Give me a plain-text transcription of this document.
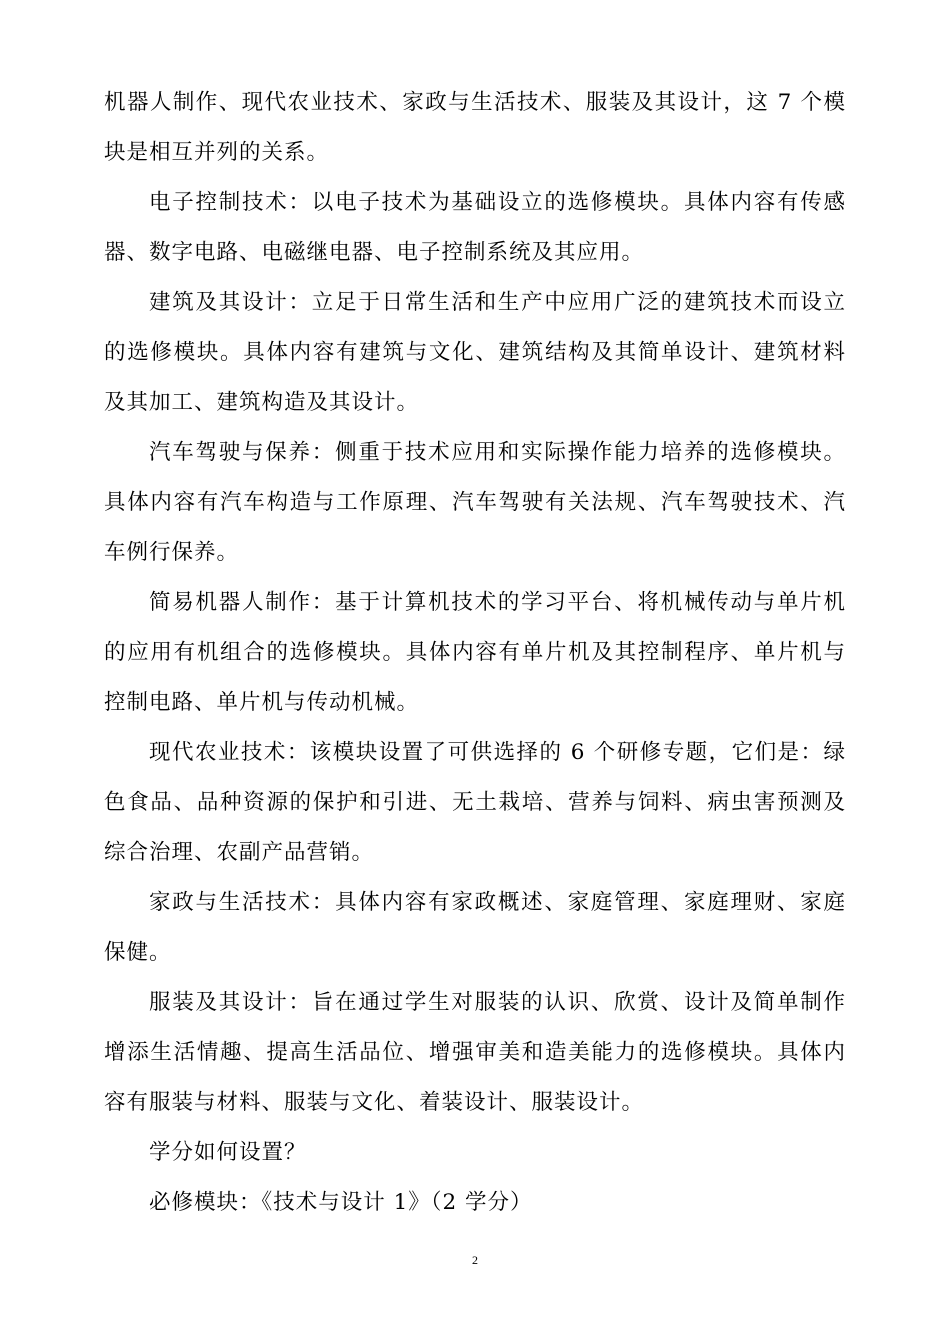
机器人制作、现代农业技术、家政与生活技术、服装及其设计，这 7 个模块是相互并列的关系。

电子控制技术：以电子技术为基础设立的选修模块。具体内容有传感器、数字电路、电磁继电器、电子控制系统及其应用。

建筑及其设计：立足于日常生活和生产中应用广泛的建筑技术而设立的选修模块。具体内容有建筑与文化、建筑结构及其简单设计、建筑材料及其加工、建筑构造及其设计。

汽车驾驶与保养：侧重于技术应用和实际操作能力培养的选修模块。具体内容有汽车构造与工作原理、汽车驾驶有关法规、汽车驾驶技术、汽车例行保养。

简易机器人制作：基于计算机技术的学习平台、将机械传动与单片机的应用有机组合的选修模块。具体内容有单片机及其控制程序、单片机与控制电路、单片机与传动机械。

现代农业技术：该模块设置了可供选择的 6 个研修专题，它们是：绿色食品、品种资源的保护和引进、无土栽培、营养与饲料、病虫害预测及综合治理、农副产品营销。

家政与生活技术：具体内容有家政概述、家庭管理、家庭理财、家庭保健。

服装及其设计：旨在通过学生对服装的认识、欣赏、设计及简单制作增添生活情趣、提高生活品位、增强审美和造美能力的选修模块。具体内容有服装与材料、服装与文化、着装设计、服装设计。

学分如何设置？

必修模块：《技术与设计 1》（2 学分）

2
